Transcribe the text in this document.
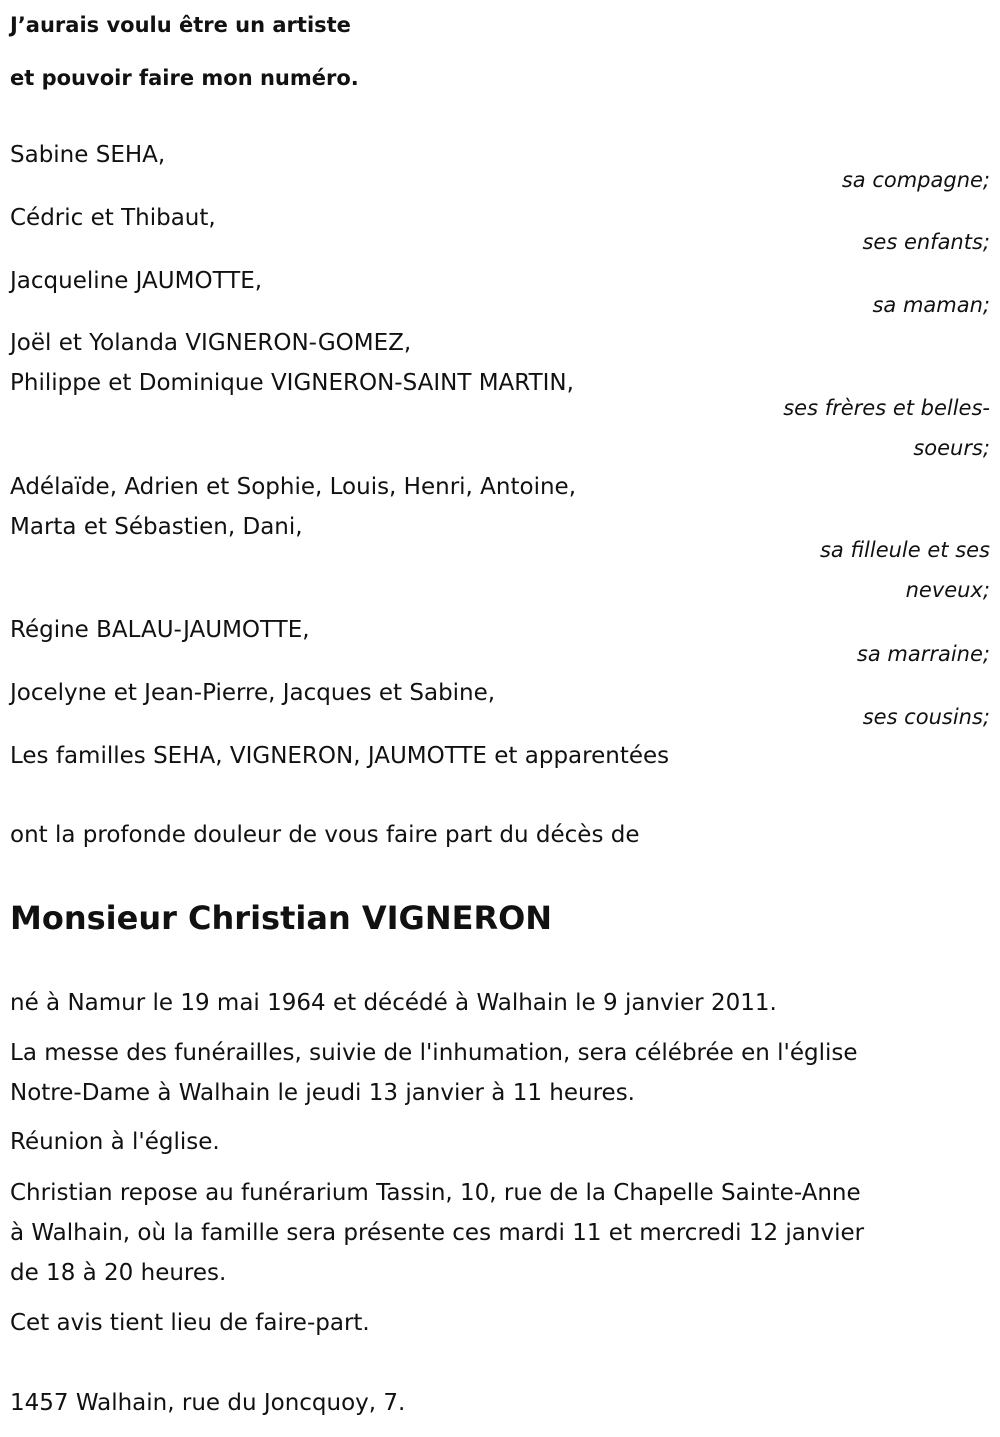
J’aurais voulu être un artiste
et pouvoir faire mon numéro.
Sabine SEHA,
sa compagne;
Cédric et Thibaut,
ses enfants;
Jacqueline JAUMOTTE,
sa maman;
Joël et Yolanda VIGNERON-GOMEZ,
Philippe et Dominique VIGNERON-SAINT MARTIN,
ses frères et belles-
soeurs;
Adélaïde, Adrien et Sophie, Louis, Henri, Antoine,
Marta et Sébastien, Dani,
sa filleule et ses
neveux;
Régine BALAU-JAUMOTTE,
sa marraine;
Jocelyne et Jean-Pierre, Jacques et Sabine,
ses cousins;
Les familles SEHA, VIGNERON, JAUMOTTE et apparentées
ont la profonde douleur de vous faire part du décès de
Monsieur Christian VIGNERON
né à Namur le 19 mai 1964 et décédé à Walhain le 9 janvier 2011.
La messe des funérailles, suivie de l'inhumation, sera célébrée en l'église
Notre-Dame à Walhain le jeudi 13 janvier à 11 heures.
Réunion à l'église.
Christian repose au funérarium Tassin, 10, rue de la Chapelle Sainte-Anne
à Walhain, où la famille sera présente ces mardi 11 et mercredi 12 janvier
de 18 à 20 heures.
Cet avis tient lieu de faire-part.
1457 Walhain, rue du Joncquoy, 7.
